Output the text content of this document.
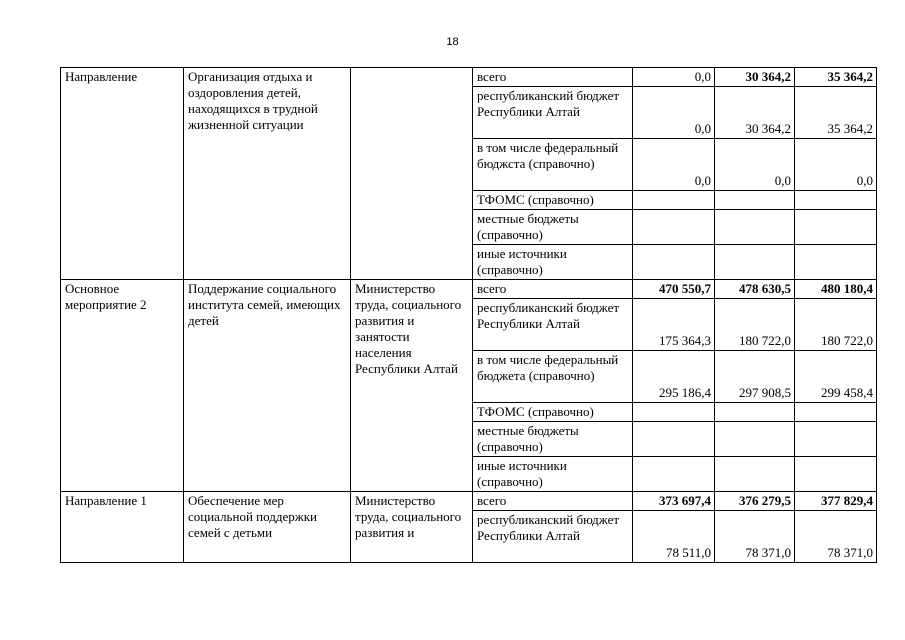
18
Направление	Организация отдыха и оздоровления детей, находящихся в трудной жизненной ситуации		всего	0,0	30 364,2	35 364,2
			республиканский бюджет Республики Алтай	0,0	30 364,2	35 364,2
			в том числе федеральный бюджста (справочно)	0,0	0,0	0,0
			ТФОМС (справочно)			
			местные бюджеты (справочно)			
			иные источники (справочно)			
Основное мероприятие 2	Поддержание социального института семей, имеющих детей	Министерство труда, социального развития и занятости населения Республики Алтай	всего	470 550,7	478 630,5	480 180,4
			республиканский бюджет Республики Алтай	175 364,3	180 722,0	180 722,0
			в том числе федеральный бюджета (справочно)	295 186,4	297 908,5	299 458,4
			ТФОМС (справочно)			
			местные бюджеты (справочно)			
			иные источники (справочно)			
Направление 1	Обеспечение мер социальной поддержки семей с детьми	Министерство труда, социального развития и	всего	373 697,4	376 279,5	377 829,4
			республиканский бюджет Республики Алтай	78 511,0	78 371,0	78 371,0
